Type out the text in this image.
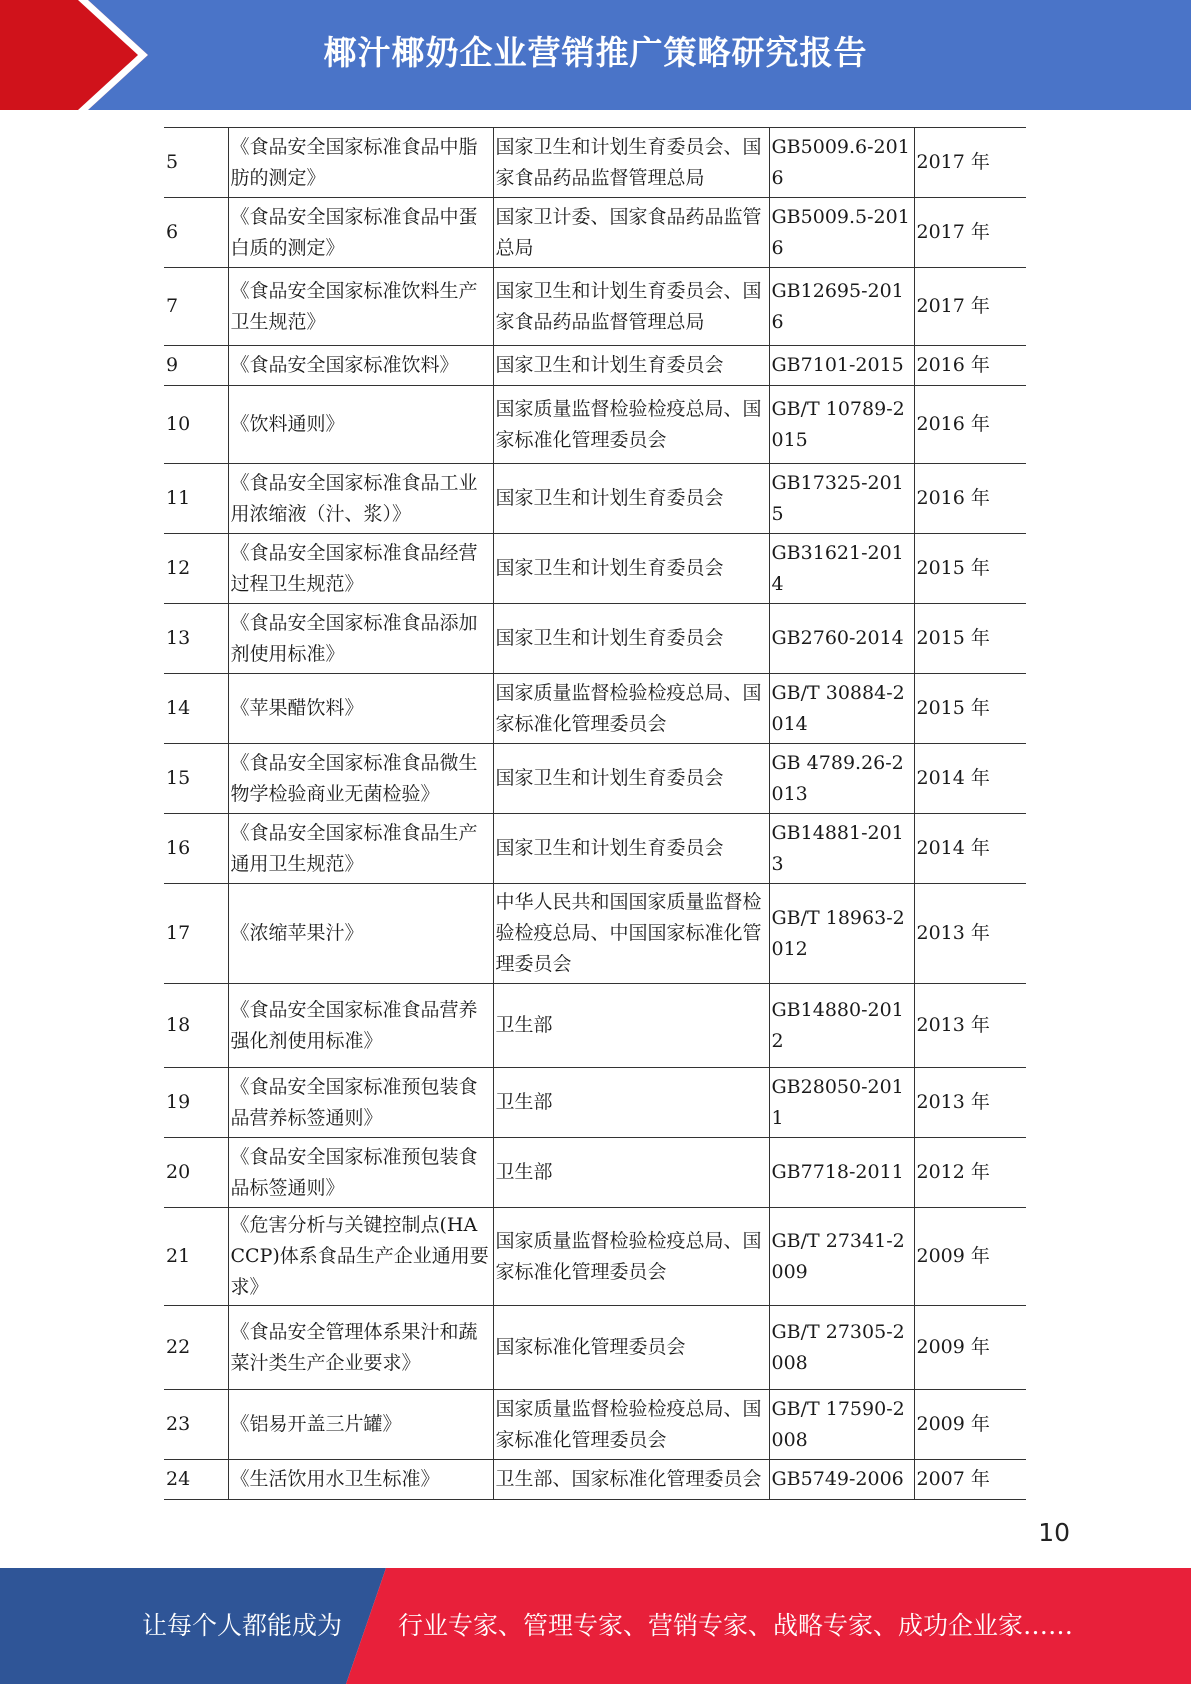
椰汁椰奶企业营销推广策略研究报告
5	《食品安全国家标准食品中脂肪的测定》	国家卫生和计划生育委员会、国家食品药品监督管理总局	GB5009.6-2016	2017 年
6	《食品安全国家标准食品中蛋白质的测定》	国家卫计委、国家食品药品监管总局	GB5009.5-2016	2017 年
7	《食品安全国家标准饮料生产卫生规范》	国家卫生和计划生育委员会、国家食品药品监督管理总局	GB12695-2016	2017 年
9	《食品安全国家标准饮料》	国家卫生和计划生育委员会	GB7101-2015	2016 年
10	《饮料通则》	国家质量监督检验检疫总局、国家标准化管理委员会	GB/T 10789-2015	2016 年
11	《食品安全国家标准食品工业用浓缩液（汁、浆）》	国家卫生和计划生育委员会	GB17325-2015	2016 年
12	《食品安全国家标准食品经营过程卫生规范》	国家卫生和计划生育委员会	GB31621-2014	2015 年
13	《食品安全国家标准食品添加剂使用标准》	国家卫生和计划生育委员会	GB2760-2014	2015 年
14	《苹果醋饮料》	国家质量监督检验检疫总局、国家标准化管理委员会	GB/T 30884-2014	2015 年
15	《食品安全国家标准食品微生物学检验商业无菌检验》	国家卫生和计划生育委员会	GB 4789.26-2013	2014 年
16	《食品安全国家标准食品生产通用卫生规范》	国家卫生和计划生育委员会	GB14881-2013	2014 年
17	《浓缩苹果汁》	中华人民共和国国家质量监督检验检疫总局、中国国家标准化管理委员会	GB/T 18963-2012	2013 年
18	《食品安全国家标准食品营养强化剂使用标准》	卫生部	GB14880-2012	2013 年
19	《食品安全国家标准预包装食品营养标签通则》	卫生部	GB28050-2011	2013 年
20	《食品安全国家标准预包装食品标签通则》	卫生部	GB7718-2011	2012 年
21	《危害分析与关键控制点(HACCP)体系食品生产企业通用要求》	国家质量监督检验检疫总局、国家标准化管理委员会	GB/T 27341-2009	2009 年
22	《食品安全管理体系果汁和蔬菜汁类生产企业要求》	国家标准化管理委员会	GB/T 27305-2008	2009 年
23	《铝易开盖三片罐》	国家质量监督检验检疫总局、国家标准化管理委员会	GB/T 17590-2008	2009 年
24	《生活饮用水卫生标准》	卫生部、国家标准化管理委员会	GB5749-2006	2007 年
10
让每个人都能成为 行业专家、管理专家、营销专家、战略专家、成功企业家……
